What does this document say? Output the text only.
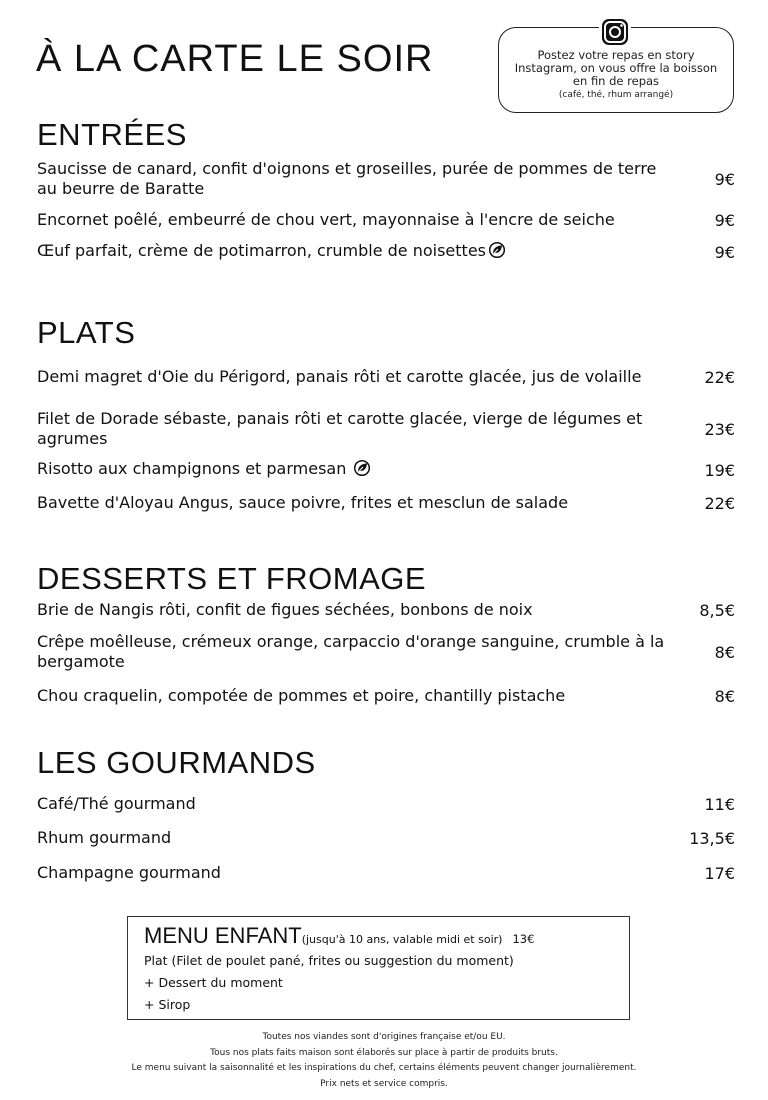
À LA CARTE LE SOIR	Postez votre repas en story Instagram, on vous offre la boisson en fin de repas
(café, thé, rhum arrangé)
ENTRÉES
Saucisse de canard, confit d'oignons et groseilles, purée de pommes de terre au beurre de Baratte	9€
Encornet poêlé, embeurré de chou vert, mayonnaise à l'encre de seiche	9€
Œuf parfait, crème de potimarron, crumble de noisettes	9€
PLATS
Demi magret d'Oie du Périgord, panais rôti et carotte glacée, jus de volaille	22€
Filet de Dorade sébaste, panais rôti et carotte glacée, vierge de légumes et agrumes	23€
Risotto aux champignons et parmesan	19€
Bavette d'Aloyau Angus, sauce poivre, frites et mesclun de salade	22€
DESSERTS ET FROMAGE
Brie de Nangis rôti, confit de figues séchées, bonbons de noix	8,5€
Crêpe moêlleuse, crémeux orange, carpaccio d'orange sanguine, crumble à la bergamote	8€
Chou craquelin, compotée de pommes et poire, chantilly pistache	8€
LES GOURMANDS
Café/Thé gourmand	11€
Rhum gourmand	13,5€
Champagne gourmand	17€
MENU ENFANT(jusqu'à 10 ans, valable midi et soir) 13€
Plat (Filet de poulet pané, frites ou suggestion du moment)
+ Dessert du moment
+ Sirop
Toutes nos viandes sont d'origines française et/ou EU.
Tous nos plats faits maison sont élaborés sur place à partir de produits bruts.
Le menu suivant la saisonnalité et les inspirations du chef, certains éléments peuvent changer journalièrement.
Prix nets et service compris.
